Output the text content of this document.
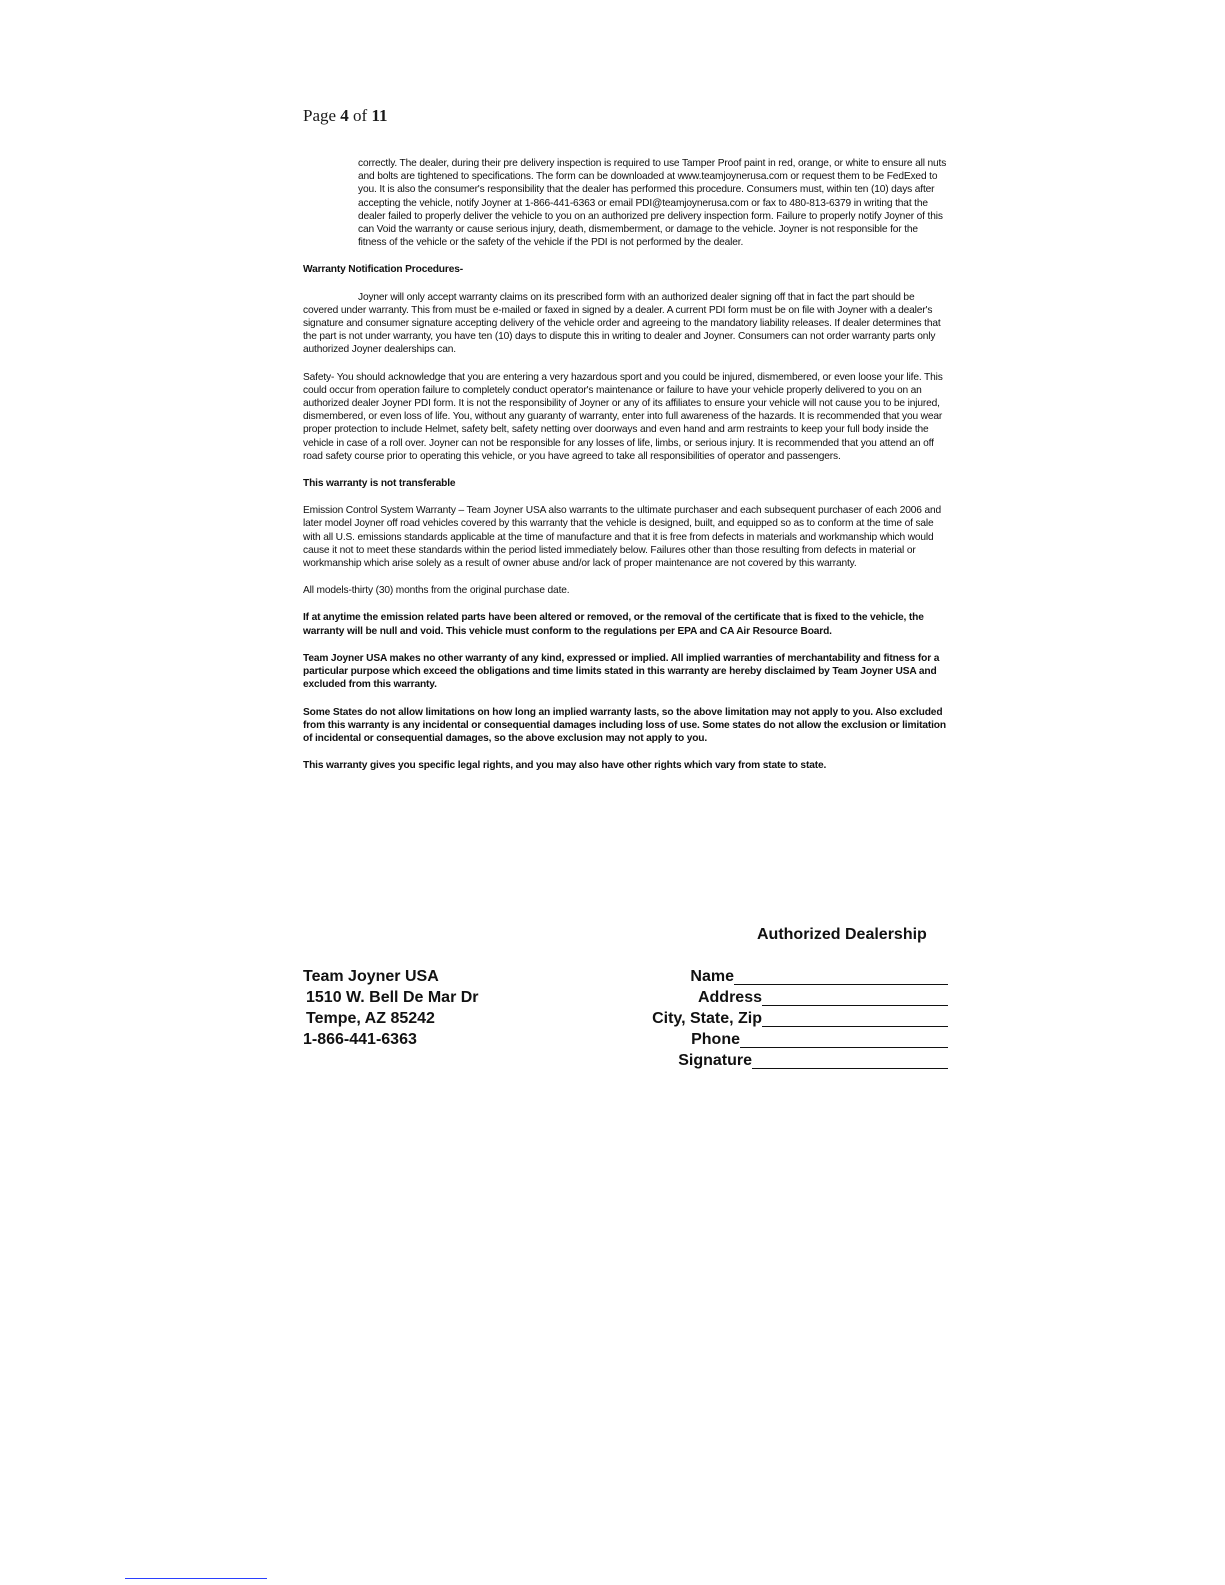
Page 4 of 11

correctly. The dealer, during their pre delivery inspection is required to use Tamper Proof paint in red, orange, or white to ensure all nuts and bolts are tightened to specifications. The form can be downloaded at www.teamjoynerusa.com or request them to be FedExed to you. It is also the consumer's responsibility that the dealer has performed this procedure. Consumers must, within ten (10) days after accepting the vehicle, notify Joyner at 1-866-441-6363 or email PDI@teamjoynerusa.com or fax to 480-813-6379 in writing that the dealer failed to properly deliver the vehicle to you on an authorized pre delivery inspection form. Failure to properly notify Joyner of this can Void the warranty or cause serious injury, death, dismemberment, or damage to the vehicle. Joyner is not responsible for the fitness of the vehicle or the safety of the vehicle if the PDI is not performed by the dealer.

Warranty Notification Procedures-

Joyner will only accept warranty claims on its prescribed form with an authorized dealer signing off that in fact the part should be covered under warranty. This from must be e-mailed or faxed in signed by a dealer. A current PDI form must be on file with Joyner with a dealer's signature and consumer signature accepting delivery of the vehicle order and agreeing to the mandatory liability releases. If dealer determines that the part is not under warranty, you have ten (10) days to dispute this in writing to dealer and Joyner. Consumers can not order warranty parts only authorized Joyner dealerships can.

Safety- You should acknowledge that you are entering a very hazardous sport and you could be injured, dismembered, or even loose your life. This could occur from operation failure to completely conduct operator's maintenance or failure to have your vehicle properly delivered to you on an authorized dealer Joyner PDI form. It is not the responsibility of Joyner or any of its affiliates to ensure your vehicle will not cause you to be injured, dismembered, or even loss of life. You, without any guaranty of warranty, enter into full awareness of the hazards. It is recommended that you wear proper protection to include Helmet, safety belt, safety netting over doorways and even hand and arm restraints to keep your full body inside the vehicle in case of a roll over. Joyner can not be responsible for any losses of life, limbs, or serious injury. It is recommended that you attend an off road safety course prior to operating this vehicle, or you have agreed to take all responsibilities of operator and passengers.

This warranty is not transferable

Emission Control System Warranty – Team Joyner USA also warrants to the ultimate purchaser and each subsequent purchaser of each 2006 and later model Joyner off road vehicles covered by this warranty that the vehicle is designed, built, and equipped so as to conform at the time of sale with all U.S. emissions standards applicable at the time of manufacture and that it is free from defects in materials and workmanship which would cause it not to meet these standards within the period listed immediately below. Failures other than those resulting from defects in material or workmanship which arise solely as a result of owner abuse and/or lack of proper maintenance are not covered by this warranty.

All models-thirty (30) months from the original purchase date.

If at anytime the emission related parts have been altered or removed, or the removal of the certificate that is fixed to the vehicle, the warranty will be null and void. This vehicle must conform to the regulations per EPA and CA Air Resource Board.

Team Joyner USA makes no other warranty of any kind, expressed or implied. All implied warranties of merchantability and fitness for a particular purpose which exceed the obligations and time limits stated in this warranty are hereby disclaimed by Team Joyner USA and excluded from this warranty.

Some States do not allow limitations on how long an implied warranty lasts, so the above limitation may not apply to you. Also excluded from this warranty is any incidental or consequential damages including loss of use. Some states do not allow the exclusion or limitation of incidental or consequential damages, so the above exclusion may not apply to you.

This warranty gives you specific legal rights, and you may also have other rights which vary from state to state.

Authorized Dealership
Team Joyner USA
1510 W. Bell De Mar Dr
Tempe, AZ 85242
1-866-441-6363
Name
Address
City, State, Zip
Phone
Signature
